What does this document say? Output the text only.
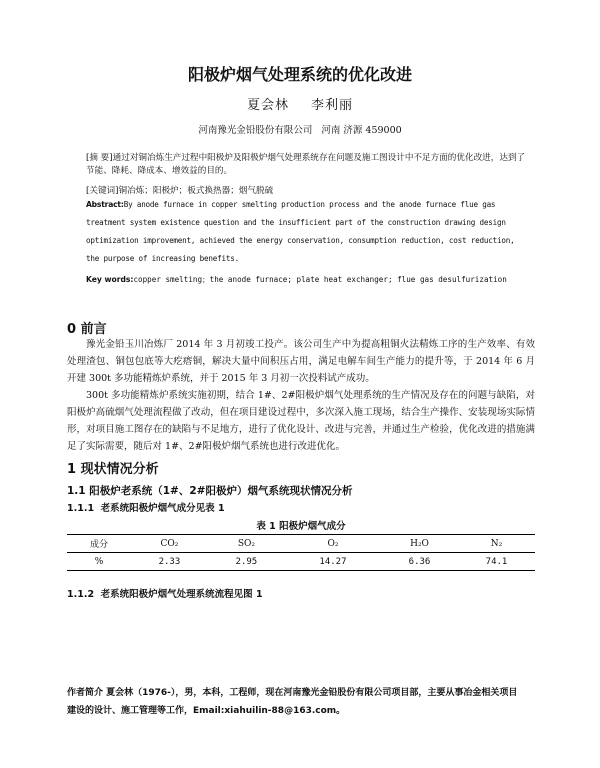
阳极炉烟气处理系统的优化改进
夏会林 李利丽
河南豫光金铅股份有限公司   河南 济源 459000
[摘 要]通过对铜冶炼生产过程中阳极炉及阳极炉烟气处理系统存在问题及施工图设计中不足方面的优化改进，达到了节能、降耗、降成本、增效益的目的。
[关键词]铜冶炼；阳极炉；板式换热器；烟气脱硫
Abstract:By anode furnace in copper smelting production process and the anode furnace flue gas treatment system existence question and the insufficient part of the construction drawing design optimization improvement, achieved the energy conservation, consumption reduction, cost reduction, the purpose of increasing benefits.
Key words:copper smelting；the anode furnace; plate heat exchanger; flue gas desulfurization
0 前言
豫光金铅玉川冶炼厂 2014 年 3 月初竣工投产。该公司生产中为提高粗铜火法精炼工序的生产效率、有效处理渣包、铜包包底等大疙瘩铜，解决大量中间积压占用，满足电解车间生产能力的提升等，于 2014 年 6 月开建 300t 多功能精炼炉系统，并于 2015 年 3 月初一次投料试产成功。
300t 多功能精炼炉系统实施初期，结合 1#、2#阳极炉烟气处理系统的生产情况及存在的问题与缺陷，对阳极炉高硫烟气处理流程做了改动，但在项目建设过程中，多次深入施工现场，结合生产操作、安装现场实际情形，对项目施工图存在的缺陷与不足地方，进行了优化设计、改进与完善，并通过生产检验，优化改进的措施满足了实际需要，随后对 1#、2#阳极炉烟气系统也进行改进优化。
1 现状情况分析
1.1 阳极炉老系统（1#、2#阳极炉）烟气系统现状情况分析
1.1.1  老系统阳极炉烟气成分见表 1
表 1 阳极炉烟气成分
成分	CO₂	SO₂	O₂	H₂O	N₂
%	2.33	2.95	14.27	6.36	74.1
1.1.2  老系统阳极炉烟气处理系统流程见图 1
作者简介 夏会林（1976-），男，本科，工程师，现在河南豫光金铅股份有限公司项目部，主要从事冶金相关项目
建设的设计、施工管理等工作，Email:xiahuilin-88@163.com。
